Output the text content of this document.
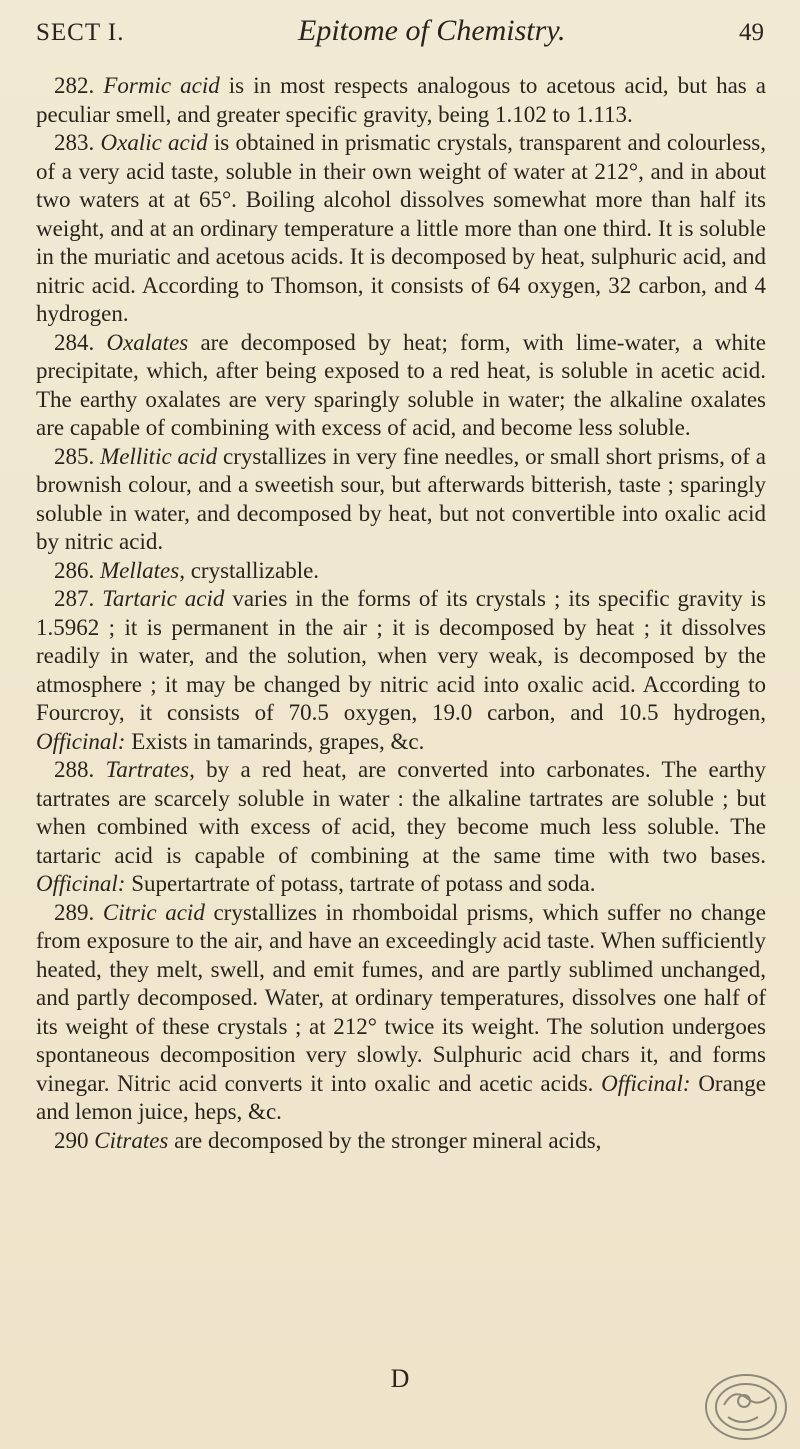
SECT I.	Epitome of Chemistry.	49

282. Formic acid is in most respects analogous to acetous acid, but has a peculiar smell, and greater specific gravity, being 1.102 to 1.113.

283. Oxalic acid is obtained in prismatic crystals, transparent and colourless, of a very acid taste, soluble in their own weight of water at 212°, and in about two waters at at 65°. Boiling alcohol dissolves somewhat more than half its weight, and at an ordinary temperature a little more than one third. It is soluble in the muriatic and acetous acids. It is decomposed by heat, sulphuric acid, and nitric acid. According to Thomson, it consists of 64 oxygen, 32 carbon, and 4 hydrogen.

284. Oxalates are decomposed by heat; form, with lime-water, a white precipitate, which, after being exposed to a red heat, is soluble in acetic acid. The earthy oxalates are very sparingly soluble in water; the alkaline oxalates are capable of combining with excess of acid, and become less soluble.

285. Mellitic acid crystallizes in very fine needles, or small short prisms, of a brownish colour, and a sweetish sour, but afterwards bitterish, taste ; sparingly soluble in water, and decomposed by heat, but not convertible into oxalic acid by nitric acid.

286. Mellates, crystallizable.

287. Tartaric acid varies in the forms of its crystals ; its specific gravity is 1.5962 ; it is permanent in the air ; it is decomposed by heat ; it dissolves readily in water, and the solution, when very weak, is decomposed by the atmosphere ; it may be changed by nitric acid into oxalic acid. According to Fourcroy, it consists of 70.5 oxygen, 19.0 carbon, and 10.5 hydrogen, Officinal: Exists in tamarinds, grapes, &c.

288. Tartrates, by a red heat, are converted into carbonates. The earthy tartrates are scarcely soluble in water : the alkaline tartrates are soluble ; but when combined with excess of acid, they become much less soluble. The tartaric acid is capable of combining at the same time with two bases. Officinal: Supertartrate of potass, tartrate of potass and soda.

289. Citric acid crystallizes in rhomboidal prisms, which suffer no change from exposure to the air, and have an exceedingly acid taste. When sufficiently heated, they melt, swell, and emit fumes, and are partly sublimed unchanged, and partly decomposed. Water, at ordinary temperatures, dissolves one half of its weight of these crystals ; at 212° twice its weight. The solution undergoes spontaneous decomposition very slowly. Sulphuric acid chars it, and forms vinegar. Nitric acid converts it into oxalic and acetic acids. Officinal: Orange and lemon juice, heps, &c.

290 Citrates are decomposed by the stronger mineral acids,

D
